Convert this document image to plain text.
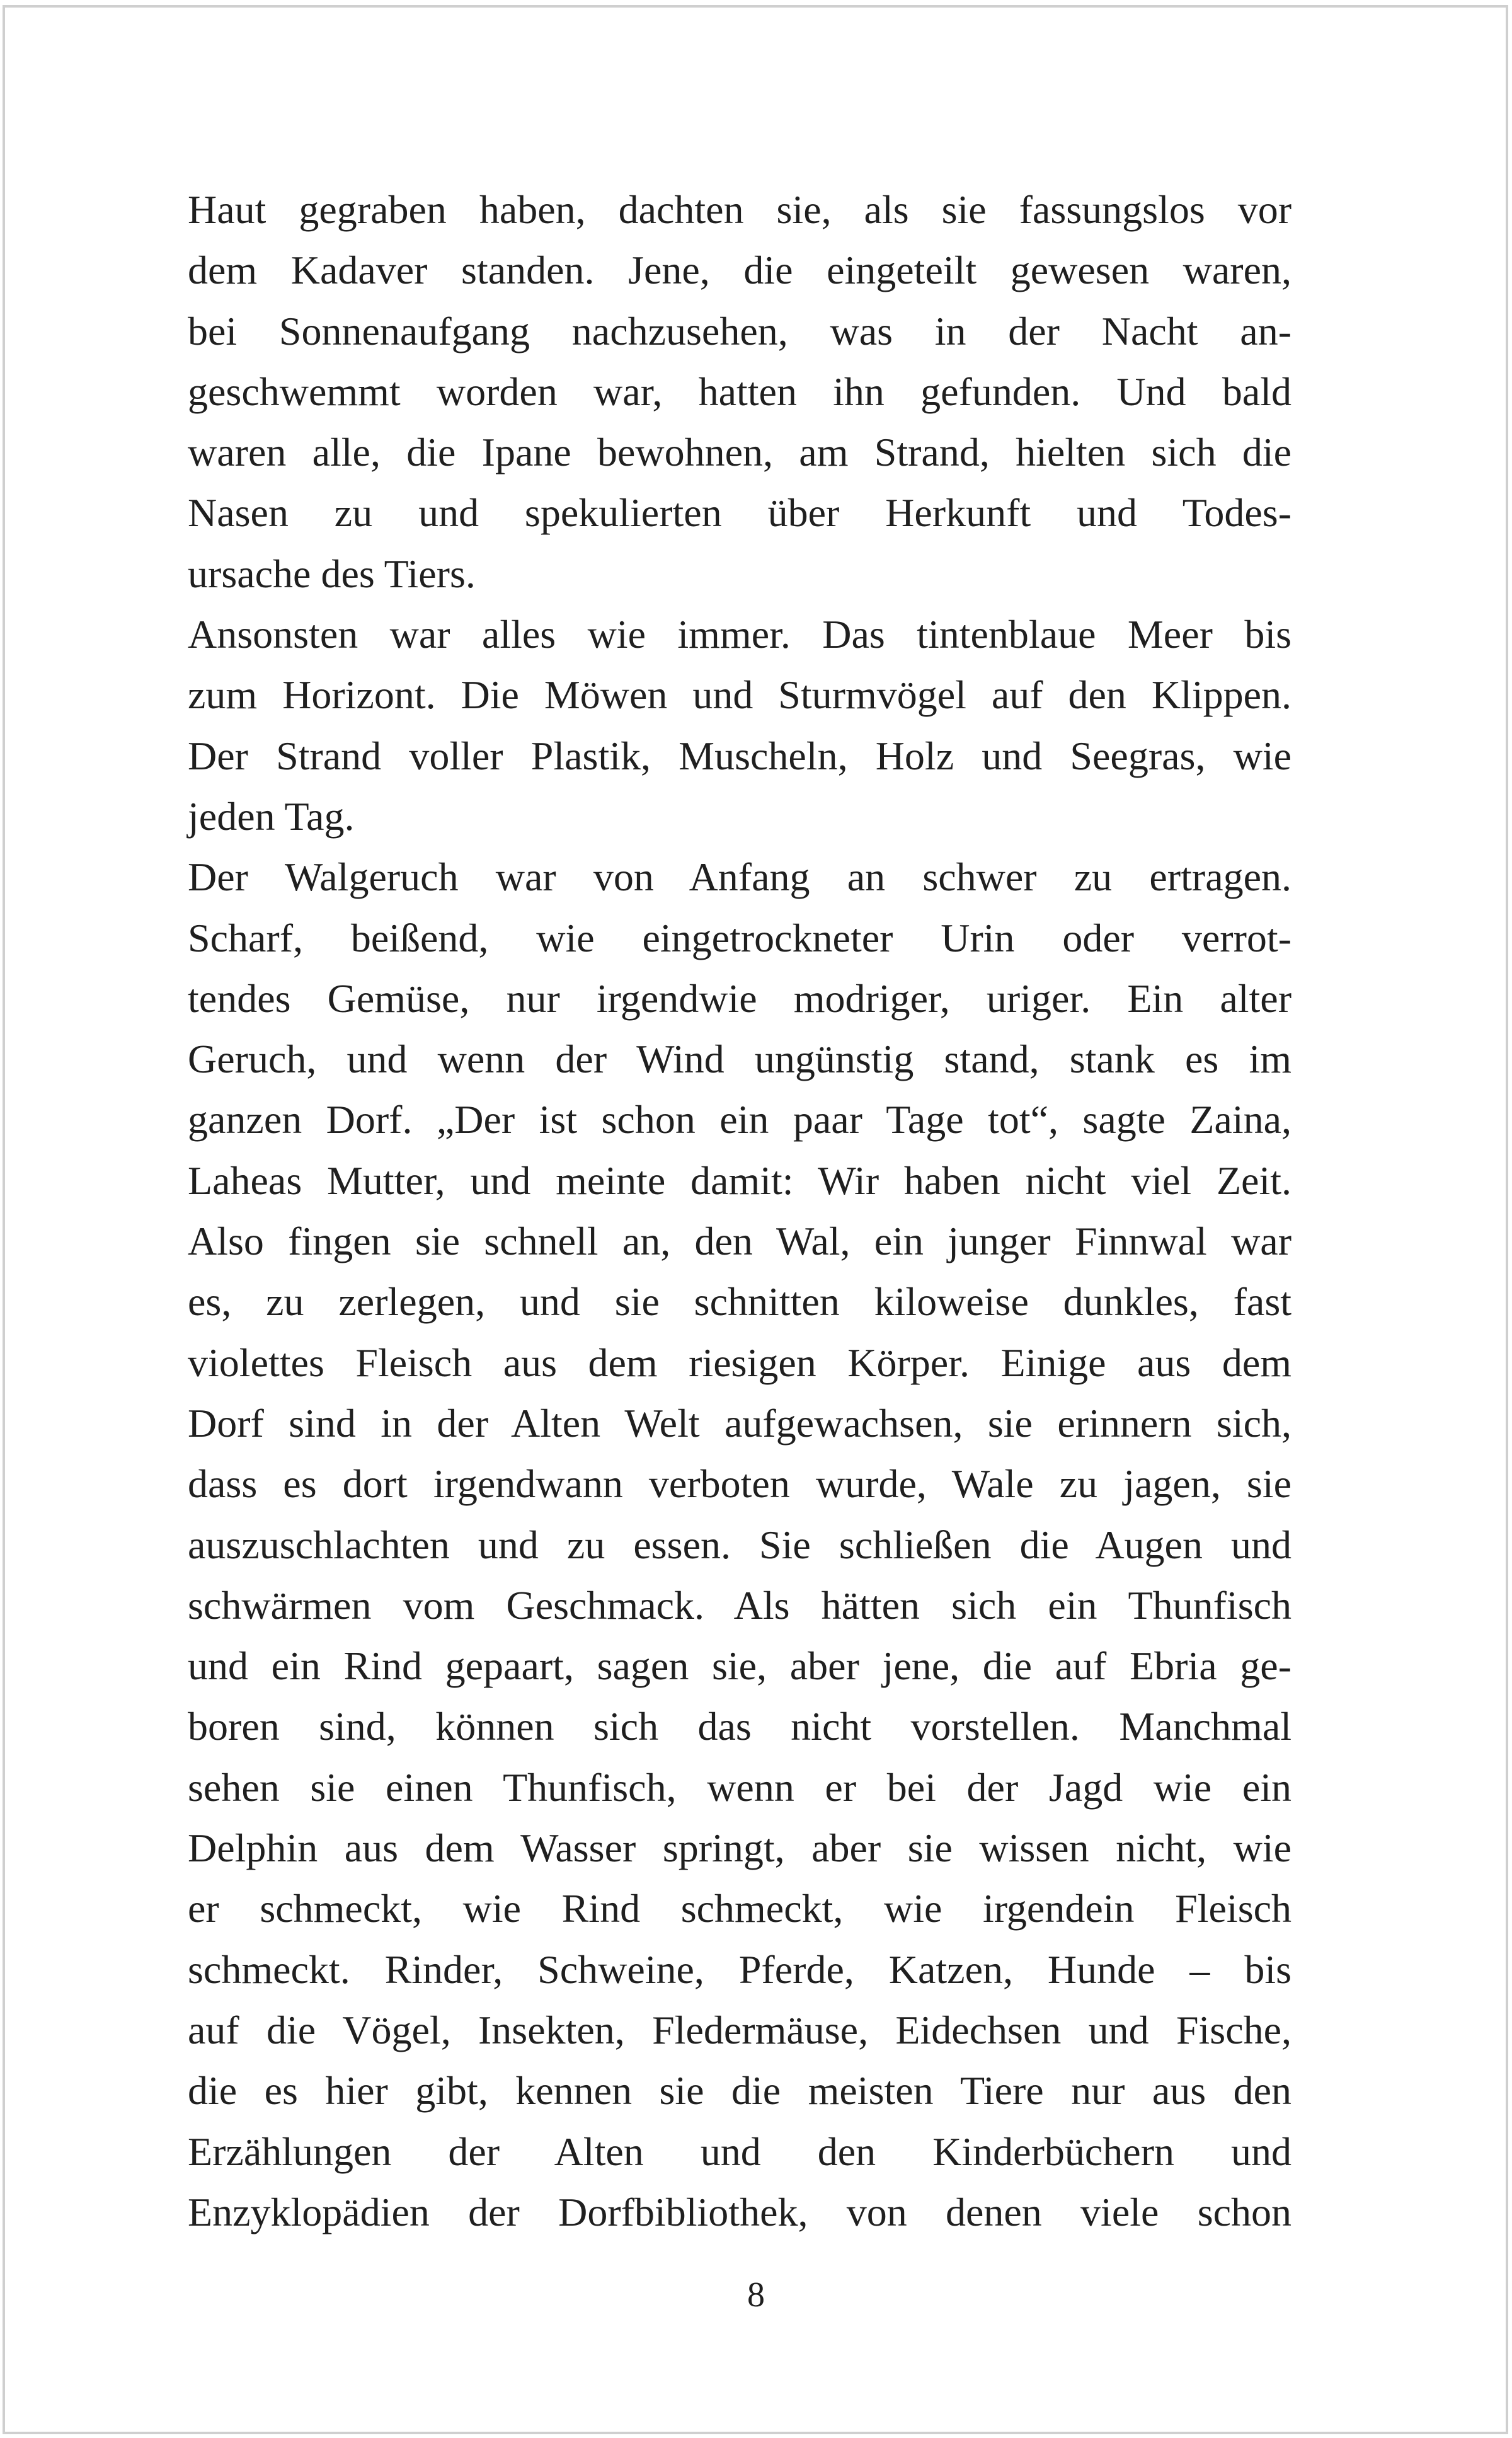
Haut gegraben haben, dachten sie, als sie fassungslos vor
dem Kadaver standen. Jene, die eingeteilt gewesen waren,
bei Sonnenaufgang nachzusehen, was in der Nacht an-
geschwemmt worden war, hatten ihn gefunden. Und bald
waren alle, die Ipane bewohnen, am Strand, hielten sich die
Nasen zu und spekulierten über Herkunft und Todes-
ursache des Tiers.
Ansonsten war alles wie immer. Das tintenblaue Meer bis
zum Horizont. Die Möwen und Sturmvögel auf den Klippen.
Der Strand voller Plastik, Muscheln, Holz und Seegras, wie
jeden Tag.
Der Walgeruch war von Anfang an schwer zu ertragen.
Scharf, beißend, wie eingetrockneter Urin oder verrot-
tendes Gemüse, nur irgendwie modriger, uriger. Ein alter
Geruch, und wenn der Wind ungünstig stand, stank es im
ganzen Dorf. „Der ist schon ein paar Tage tot“, sagte Zaina,
Laheas Mutter, und meinte damit: Wir haben nicht viel Zeit.
Also fingen sie schnell an, den Wal, ein junger Finnwal war
es, zu zerlegen, und sie schnitten kiloweise dunkles, fast
violettes Fleisch aus dem riesigen Körper. Einige aus dem
Dorf sind in der Alten Welt aufgewachsen, sie erinnern sich,
dass es dort irgendwann verboten wurde, Wale zu jagen, sie
auszuschlachten und zu essen. Sie schließen die Augen und
schwärmen vom Geschmack. Als hätten sich ein Thunfisch
und ein Rind gepaart, sagen sie, aber jene, die auf Ebria ge-
boren sind, können sich das nicht vorstellen. Manchmal
sehen sie einen Thunfisch, wenn er bei der Jagd wie ein
Delphin aus dem Wasser springt, aber sie wissen nicht, wie
er schmeckt, wie Rind schmeckt, wie irgendein Fleisch
schmeckt. Rinder, Schweine, Pferde, Katzen, Hunde – bis
auf die Vögel, Insekten, Fledermäuse, Eidechsen und Fische,
die es hier gibt, kennen sie die meisten Tiere nur aus den
Erzählungen der Alten und den Kinderbüchern und
Enzyklopädien der Dorfbibliothek, von denen viele schon
8
